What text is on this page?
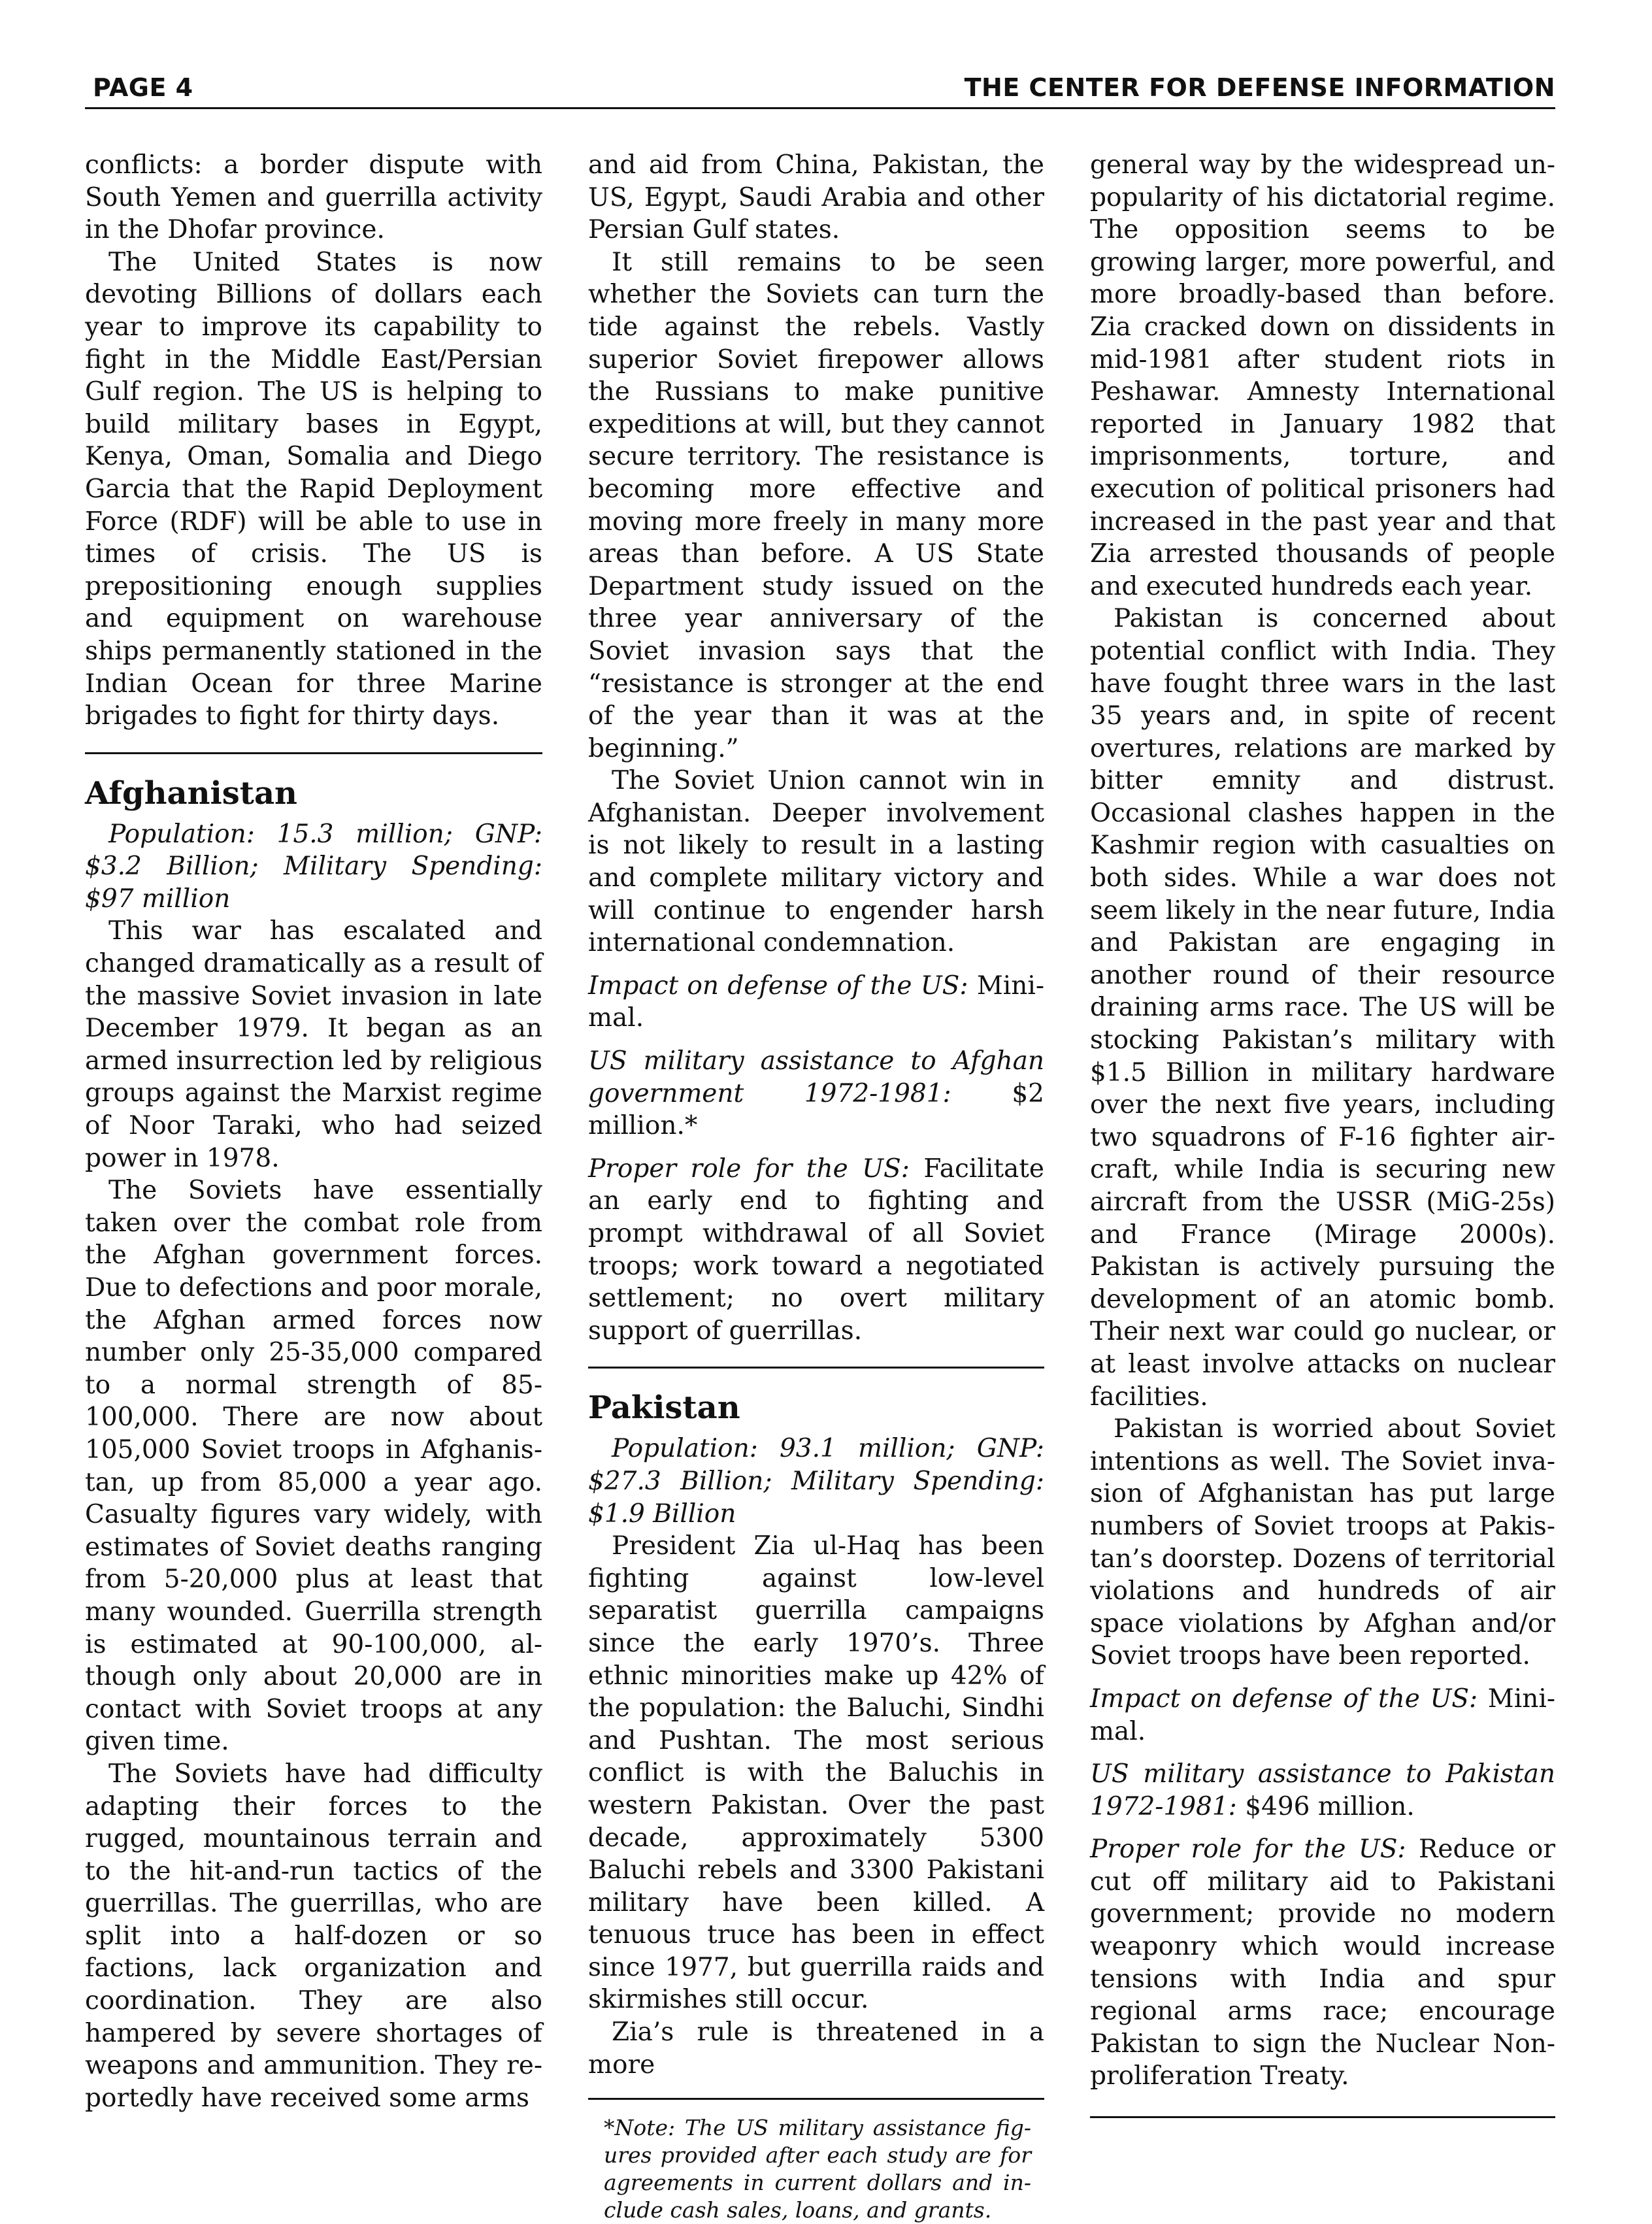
PAGE 4	THE CENTER FOR DEFENSE INFORMATION

conflicts: a border dispute with South Yemen and guerrilla activity in the Dhofar province.

The United States is now devoting Billions of dollars each year to improve its capability to fight in the Middle East/Persian Gulf region. The US is helping to build military bases in Egypt, Kenya, Oman, Somalia and Diego Garcia that the Rapid Deployment Force (RDF) will be able to use in times of crisis. The US is prepositioning enough supplies and equipment on warehouse ships permanently stationed in the Indian Ocean for three Marine brigades to fight for thirty days.

Afghanistan

Population: 15.3 million; GNP: $3.2 Billion; Military Spending: $97 million

This war has escalated and changed dramatically as a result of the massive Soviet invasion in late December 1979. It began as an armed insurrection led by religious groups against the Marxist regime of Noor Taraki, who had seized power in 1978.

The Soviets have essentially taken over the combat role from the Afghan government forces. Due to defections and poor morale, the Afghan armed forces now number only 25-35,000 compared to a normal strength of 85-100,000. There are now about 105,000 Soviet troops in Afghanistan, up from 85,000 a year ago. Casualty figures vary widely, with estimates of Soviet deaths ranging from 5-20,000 plus at least that many wounded. Guerrilla strength is estimated at 90-100,000, although only about 20,000 are in contact with Soviet troops at any given time.

The Soviets have had difficulty adapting their forces to the rugged, mountainous terrain and to the hit-and-run tactics of the guerrillas. The guerrillas, who are split into a half-dozen or so factions, lack organization and coordination. They are also hampered by severe shortages of weapons and ammunition. They reportedly have received some arms

and aid from China, Pakistan, the US, Egypt, Saudi Arabia and other Persian Gulf states.

It still remains to be seen whether the Soviets can turn the tide against the rebels. Vastly superior Soviet firepower allows the Russians to make punitive expeditions at will, but they cannot secure territory. The resistance is becoming more effective and moving more freely in many more areas than before. A US State Department study issued on the three year anniversary of the Soviet invasion says that the “resistance is stronger at the end of the year than it was at the beginning.”

The Soviet Union cannot win in Afghanistan. Deeper involvement is not likely to result in a lasting and complete military victory and will continue to engender harsh international condemnation.

Impact on defense of the US: Minimal.

US military assistance to Afghan government 1972-1981: $2 million.*

Proper role for the US: Facilitate an early end to fighting and prompt withdrawal of all Soviet troops; work toward a negotiated settlement; no overt military support of guerrillas.

Pakistan

Population: 93.1 million; GNP: $27.3 Billion; Military Spending: $1.9 Billion

President Zia ul-Haq has been fighting against low-level separatist guerrilla campaigns since the early 1970’s. Three ethnic minorities make up 42% of the population: the Baluchi, Sindhi and Pushtan. The most serious conflict is with the Baluchis in western Pakistan. Over the past decade, approximately 5300 Baluchi rebels and 3300 Pakistani military have been killed. A tenuous truce has been in effect since 1977, but guerrilla raids and skirmishes still occur.

Zia’s rule is threatened in a more

*Note: The US military assistance figures provided after each study are for agreements in current dollars and include cash sales, loans, and grants.

general way by the widespread unpopularity of his dictatorial regime. The opposition seems to be growing larger, more powerful, and more broadly-based than before. Zia cracked down on dissidents in mid-1981 after student riots in Peshawar. Amnesty International reported in January 1982 that imprisonments, torture, and execution of political prisoners had increased in the past year and that Zia arrested thousands of people and executed hundreds each year.

Pakistan is concerned about potential conflict with India. They have fought three wars in the last 35 years and, in spite of recent overtures, relations are marked by bitter emnity and distrust. Occasional clashes happen in the Kashmir region with casualties on both sides. While a war does not seem likely in the near future, India and Pakistan are engaging in another round of their resource draining arms race. The US will be stocking Pakistan’s military with $1.5 Billion in military hardware over the next five years, including two squadrons of F-16 fighter aircraft, while India is securing new aircraft from the USSR (MiG-25s) and France (Mirage 2000s). Pakistan is actively pursuing the development of an atomic bomb. Their next war could go nuclear, or at least involve attacks on nuclear facilities.

Pakistan is worried about Soviet intentions as well. The Soviet invasion of Afghanistan has put large numbers of Soviet troops at Pakistan’s doorstep. Dozens of territorial violations and hundreds of air space violations by Afghan and/or Soviet troops have been reported.

Impact on defense of the US: Minimal.

US military assistance to Pakistan 1972-1981: $496 million.

Proper role for the US: Reduce or cut off military aid to Pakistani government; provide no modern weaponry which would increase tensions with India and spur regional arms race; encourage Pakistan to sign the Nuclear Non-proliferation Treaty.
